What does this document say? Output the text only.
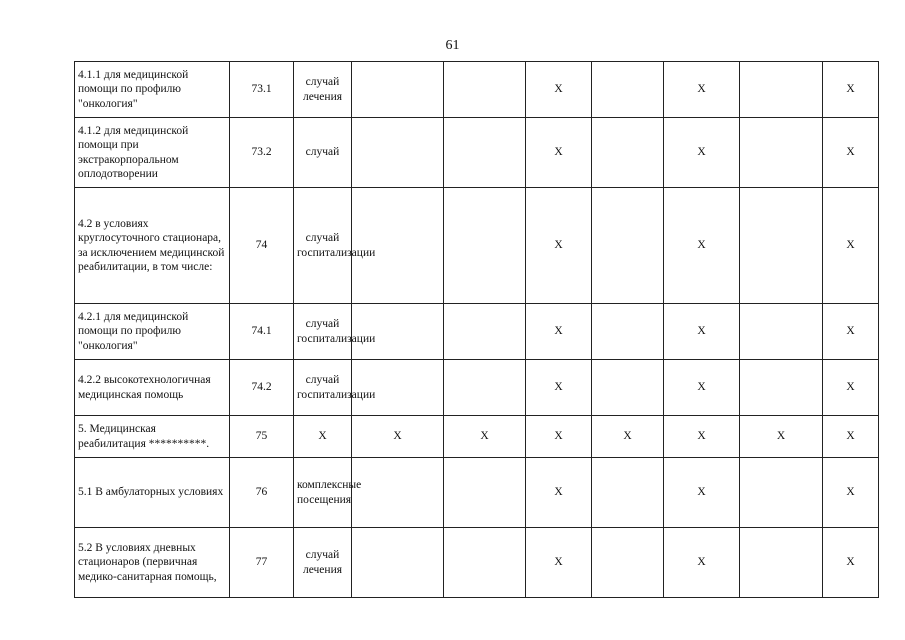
61
4.1.1 для медицинской помощи по профилю "онкология"	73.1	случай лечения			X		X		X
4.1.2 для медицинской помощи при экстракорпоральном оплодотворении	73.2	случай			X		X		X
4.2 в условиях круглосуточного стационара, за исключением медицинской реабилитации, в том числе:	74	случай госпитализации			X		X		X
4.2.1 для медицинской помощи по профилю "онкология"	74.1	случай госпитализации			X		X		X
4.2.2 высокотехнологичная медицинская помощь	74.2	случай госпитализации			X		X		X
5. Медицинская реабилитация **********.	75	X	X	X	X	X	X	X	X
5.1 В амбулаторных условиях	76	комплексные посещения			X		X		X
5.2 В условиях дневных стационаров (первичная медико-санитарная помощь,	77	случай лечения			X		X		X
